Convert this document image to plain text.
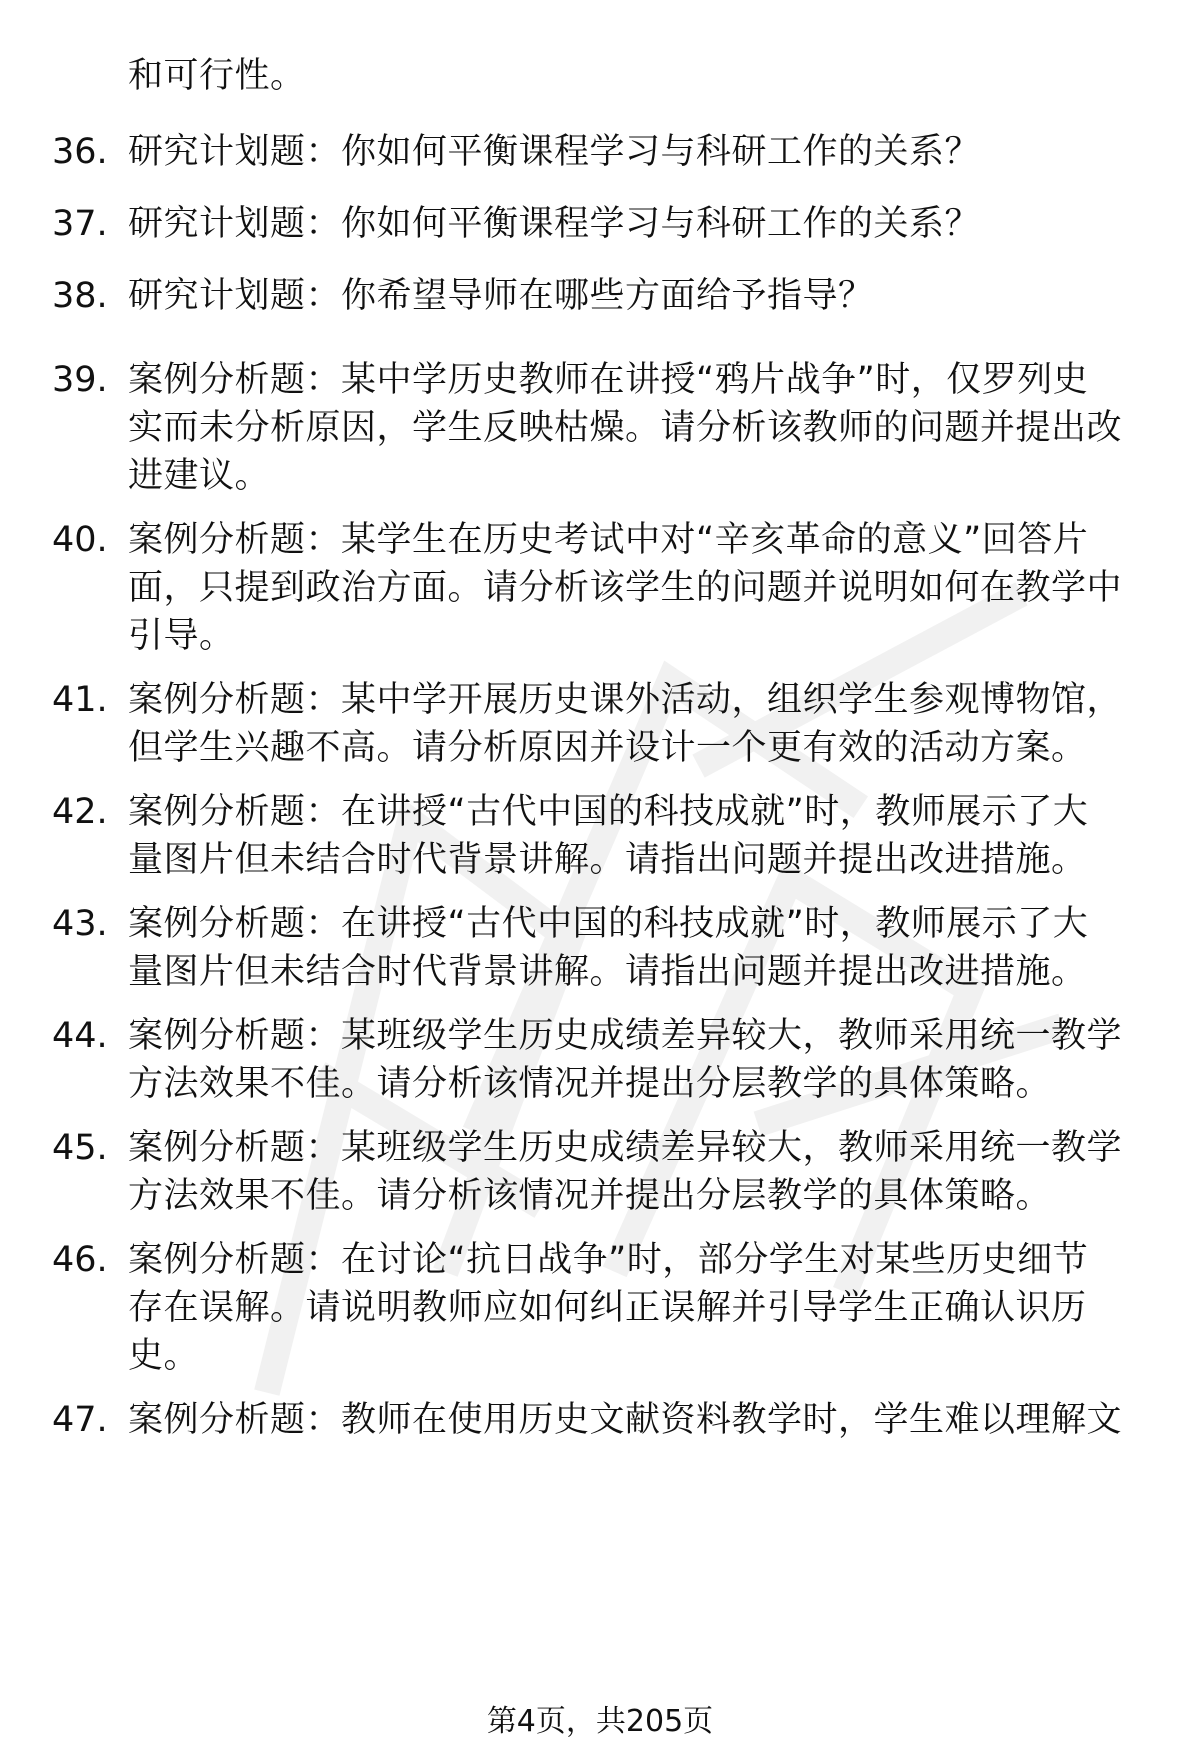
和可行性。
36. 研究计划题：你如何平衡课程学习与科研工作的关系？
37. 研究计划题：你如何平衡课程学习与科研工作的关系？
38. 研究计划题：你希望导师在哪些方面给予指导？
39. 案例分析题：某中学历史教师在讲授“鸦片战争”时，仅罗列史
实而未分析原因，学生反映枯燥。请分析该教师的问题并提出改
进建议。
40. 案例分析题：某学生在历史考试中对“辛亥革命的意义”回答片
面，只提到政治方面。请分析该学生的问题并说明如何在教学中
引导。
41. 案例分析题：某中学开展历史课外活动，组织学生参观博物馆，
但学生兴趣不高。请分析原因并设计一个更有效的活动方案。
42. 案例分析题：在讲授“古代中国的科技成就”时，教师展示了大
量图片但未结合时代背景讲解。请指出问题并提出改进措施。
43. 案例分析题：在讲授“古代中国的科技成就”时，教师展示了大
量图片但未结合时代背景讲解。请指出问题并提出改进措施。
44. 案例分析题：某班级学生历史成绩差异较大，教师采用统一教学
方法效果不佳。请分析该情况并提出分层教学的具体策略。
45. 案例分析题：某班级学生历史成绩差异较大，教师采用统一教学
方法效果不佳。请分析该情况并提出分层教学的具体策略。
46. 案例分析题：在讨论“抗日战争”时，部分学生对某些历史细节
存在误解。请说明教师应如何纠正误解并引导学生正确认识历
史。
47. 案例分析题：教师在使用历史文献资料教学时，学生难以理解文
第4页，共205页
